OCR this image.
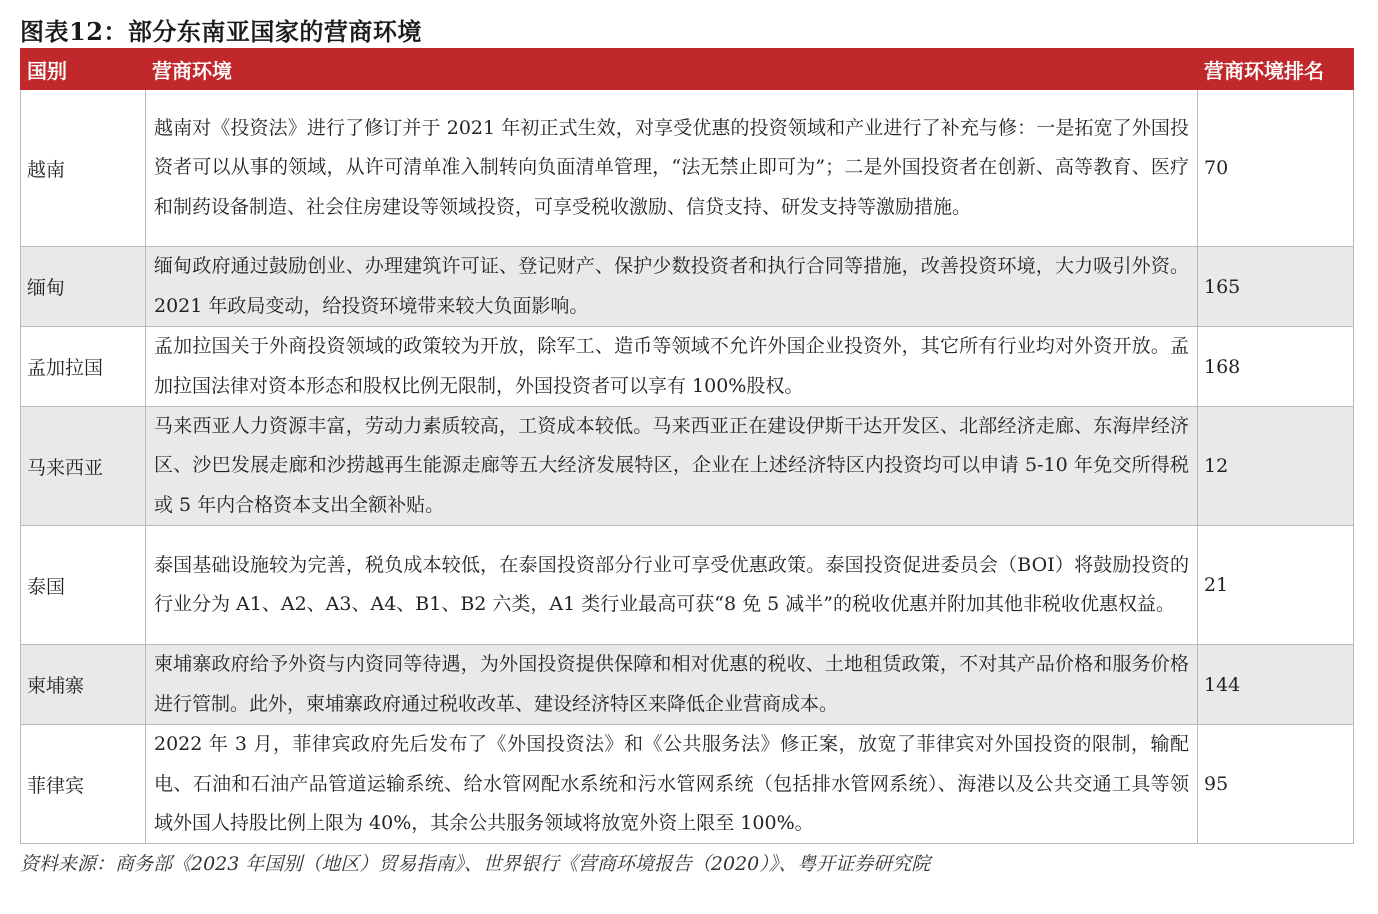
图表12：部分东南亚国家的营商环境
国别	营商环境	营商环境排名
越南	越南对《投资法》进行了修订并于 2021 年初正式生效，对享受优惠的投资领域和产业进行了补充与修：一是拓宽了外国投资者可以从事的领域，从许可清单准入制转向负面清单管理，“法无禁止即可为”；二是外国投资者在创新、高等教育、医疗和制药设备制造、社会住房建设等领域投资，可享受税收激励、信贷支持、研发支持等激励措施。	70
缅甸	缅甸政府通过鼓励创业、办理建筑许可证、登记财产、保护少数投资者和执行合同等措施，改善投资环境，大力吸引外资。2021 年政局变动，给投资环境带来较大负面影响。	165
孟加拉国	孟加拉国关于外商投资领域的政策较为开放，除军工、造币等领域不允许外国企业投资外，其它所有行业均对外资开放。孟加拉国法律对资本形态和股权比例无限制，外国投资者可以享有 100%股权。	168
马来西亚	马来西亚人力资源丰富，劳动力素质较高，工资成本较低。马来西亚正在建设伊斯干达开发区、北部经济走廊、东海岸经济区、沙巴发展走廊和沙捞越再生能源走廊等五大经济发展特区，企业在上述经济特区内投资均可以申请 5-10 年免交所得税或 5 年内合格资本支出全额补贴。	12
泰国	泰国基础设施较为完善，税负成本较低，在泰国投资部分行业可享受优惠政策。泰国投资促进委员会（BOI）将鼓励投资的行业分为 A1、A2、A3、A4、B1、B2 六类，A1 类行业最高可获“8 免 5 减半”的税收优惠并附加其他非税收优惠权益。	21
柬埔寨	柬埔寨政府给予外资与内资同等待遇，为外国投资提供保障和相对优惠的税收、土地租赁政策，不对其产品价格和服务价格进行管制。此外，柬埔寨政府通过税收改革、建设经济特区来降低企业营商成本。	144
菲律宾	2022 年 3 月，菲律宾政府先后发布了《外国投资法》和《公共服务法》修正案，放宽了菲律宾对外国投资的限制，输配电、石油和石油产品管道运输系统、给水管网配水系统和污水管网系统（包括排水管网系统）、海港以及公共交通工具等领域外国人持股比例上限为 40%，其余公共服务领域将放宽外资上限至 100%。	95
资料来源：商务部《2023 年国别（地区）贸易指南》、世界银行《营商环境报告（2020）》、粤开证券研究院
